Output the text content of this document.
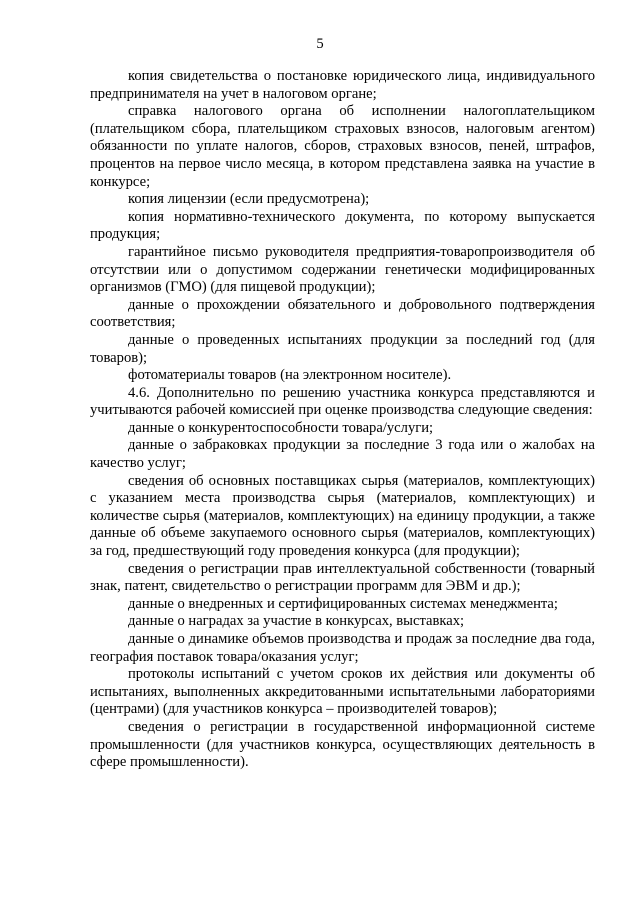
5

копия свидетельства о постановке юридического лица, индивидуального предпринимателя на учет в налоговом органе;

справка налогового органа об исполнении налогоплательщиком (плательщиком сбора, плательщиком страховых взносов, налоговым агентом) обязанности по уплате налогов, сборов, страховых взносов, пеней, штрафов, процентов на первое число месяца, в котором представлена заявка на участие в конкурсе;

копия лицензии (если предусмотрена);

копия нормативно-технического документа, по которому выпускается продукция;

гарантийное письмо руководителя предприятия-товаропроизводителя об отсутствии или о допустимом содержании генетически модифицированных организмов (ГМО) (для пищевой продукции);

данные о прохождении обязательного и добровольного подтверждения соответствия;

данные о проведенных испытаниях продукции за последний год (для товаров);

фотоматериалы товаров (на электронном носителе).

4.6. Дополнительно по решению участника конкурса представляются и учитываются рабочей комиссией при оценке производства следующие сведения:

данные о конкурентоспособности товара/услуги;

данные о забраковках продукции за последние 3 года или о жалобах на качество услуг;

сведения об основных поставщиках сырья (материалов, комплектующих) с указанием места производства сырья (материалов, комплектующих) и количестве сырья (материалов, комплектующих) на единицу продукции, а также данные об объеме закупаемого основного сырья (материалов, комплектующих) за год, предшествующий году проведения конкурса (для продукции);

сведения о регистрации прав интеллектуальной собственности (товарный знак, патент, свидетельство о регистрации программ для ЭВМ и др.);

данные о внедренных и сертифицированных системах менеджмента;

данные о наградах за участие в конкурсах, выставках;

данные о динамике объемов производства и продаж за последние два года, география поставок товара/оказания услуг;

протоколы испытаний с учетом сроков их действия или документы об испытаниях, выполненных аккредитованными испытательными лабораториями (центрами) (для участников конкурса – производителей товаров);

сведения о регистрации в государственной информационной системе промышленности (для участников конкурса, осуществляющих деятельность в сфере промышленности).
